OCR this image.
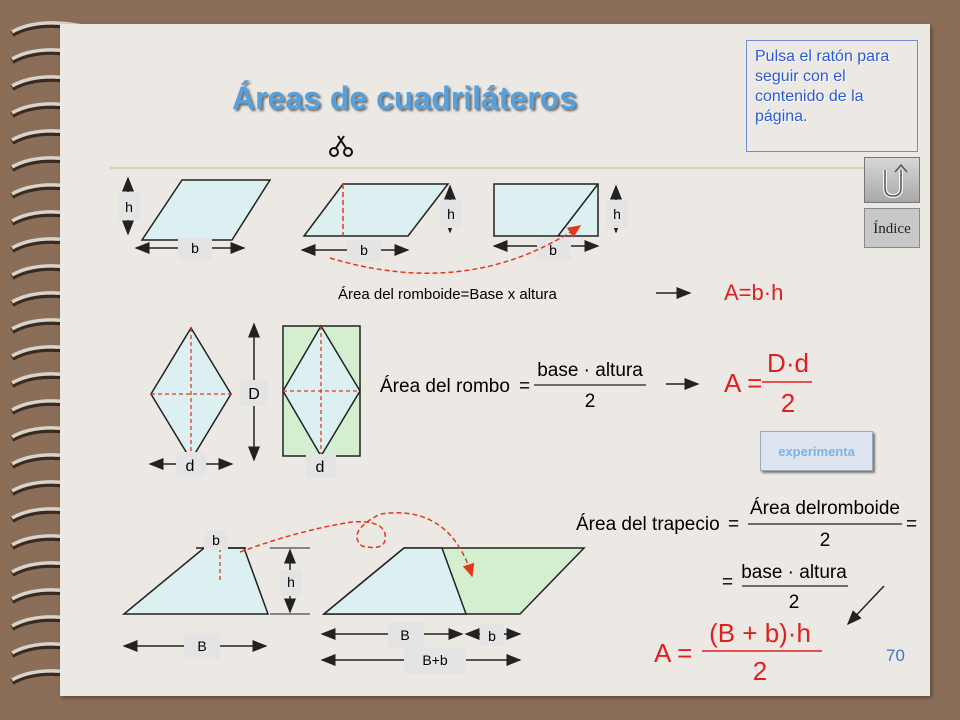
Áreas de cuadriláteros
Pulsa el ratón para seguir con el contenido de la página.
Índice
experimenta
70
h
b
h
b
h
b
Área del romboide=Base x altura	A=b·h
d
D
d
Área del rombo =
base · altura
2
A =
D·d
2
b
h
B
B	b
B+b
Área del trapecio =
Área delromboide
2
=
= base · altura
2
A =
(B + b)·h
2
